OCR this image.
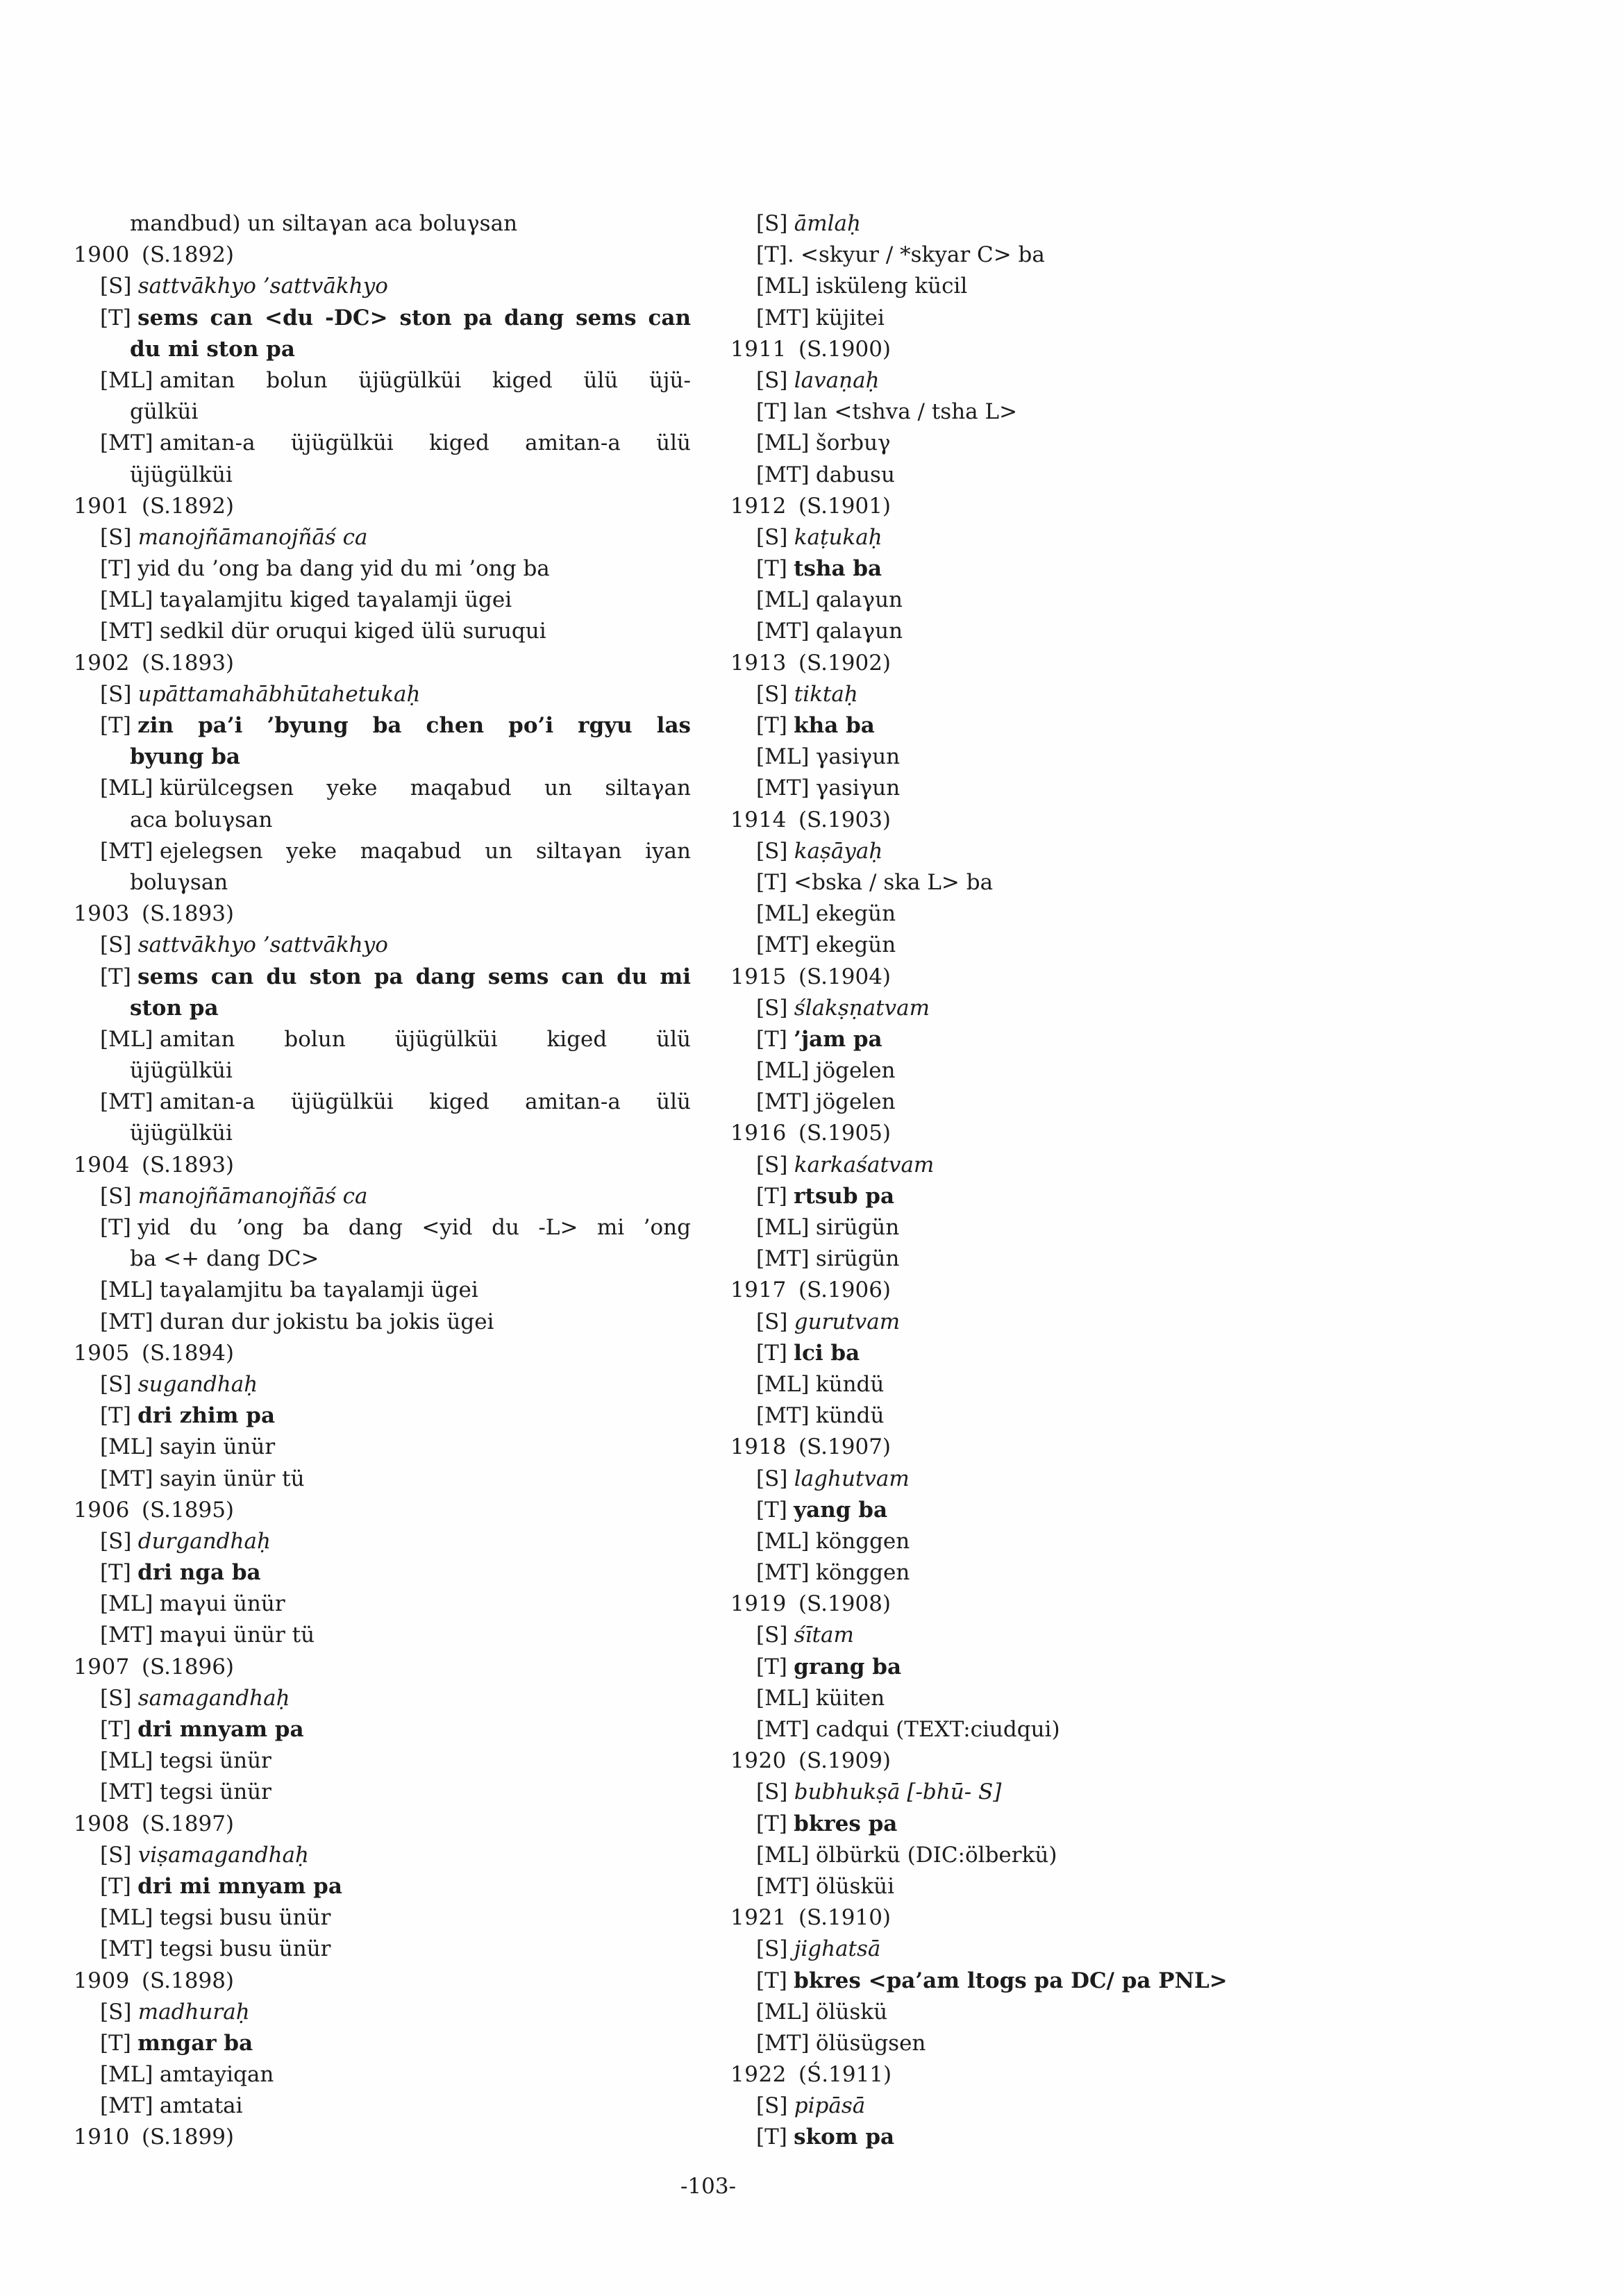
mandbud) un siltaγan aca boluγsan
1900 (S.1892)
[S] sattvākhyo ’sattvākhyo
[T] sems can <du -DC> ston pa dang sems can
du mi ston pa
[ML] amitan bolun üjügülküi kiged ülü üjü-
gülküi
[MT] amitan-a üjügülküi kiged amitan-a ülü
üjügülküi
1901 (S.1892)
[S] manojñāmanojñāś ca
[T] yid du ’ong ba dang yid du mi ’ong ba
[ML] taγalamjitu kiged taγalamji ügei
[MT] sedkil dür oruqui kiged ülü suruqui
1902 (S.1893)
[S] upāttamahābhūtahetukaḥ
[T] zin pa’i ’byung ba chen po’i rgyu las
byung ba
[ML] kürülcegsen yeke maqabud un siltaγan
aca boluγsan
[MT] ejelegsen yeke maqabud un siltaγan iyan
boluγsan
1903 (S.1893)
[S] sattvākhyo ’sattvākhyo
[T] sems can du ston pa dang sems can du mi
ston pa
[ML] amitan bolun üjügülküi kiged ülü
üjügülküi
[MT] amitan-a üjügülküi kiged amitan-a ülü
üjügülküi
1904 (S.1893)
[S] manojñāmanojñāś ca
[T] yid du ’ong ba dang <yid du -L> mi ’ong
ba <+ dang DC>
[ML] taγalamjitu ba taγalamji ügei
[MT] duran dur jokistu ba jokis ügei
1905 (S.1894)
[S] sugandhaḥ
[T] dri zhim pa
[ML] sayin ünür
[MT] sayin ünür tü
1906 (S.1895)
[S] durgandhaḥ
[T] dri nga ba
[ML] maγui ünür
[MT] maγui ünür tü
1907 (S.1896)
[S] samagandhaḥ
[T] dri mnyam pa
[ML] tegsi ünür
[MT] tegsi ünür
1908 (S.1897)
[S] viṣamagandhaḥ
[T] dri mi mnyam pa
[ML] tegsi busu ünür
[MT] tegsi busu ünür
1909 (S.1898)
[S] madhuraḥ
[T] mngar ba
[ML] amtayiqan
[MT] amtatai
1910 (S.1899)
[S] āmlaḥ
[T]. <skyur / *skyar C> ba
[ML] isküleng kücil
[MT] küjitei
1911 (S.1900)
[S] lavaṇaḥ
[T] lan <tshva / tsha L>
[ML] šorbuγ
[MT] dabusu
1912 (S.1901)
[S] kaṭukaḥ
[T] tsha ba
[ML] qalaγun
[MT] qalaγun
1913 (S.1902)
[S] tiktaḥ
[T] kha ba
[ML] γasiγun
[MT] γasiγun
1914 (S.1903)
[S] kaṣāyaḥ
[T] <bska / ska L> ba
[ML] ekegün
[MT] ekegün
1915 (S.1904)
[S] ślakṣṇatvam
[T] ’jam pa
[ML] jögelen
[MT] jögelen
1916 (S.1905)
[S] karkaśatvam
[T] rtsub pa
[ML] sirügün
[MT] sirügün
1917 (S.1906)
[S] gurutvam
[T] lci ba
[ML] kündü
[MT] kündü
1918 (S.1907)
[S] laghutvam
[T] yang ba
[ML] könggen
[MT] könggen
1919 (S.1908)
[S] śītam
[T] grang ba
[ML] küiten
[MT] cadqui (TEXT:ciudqui)
1920 (S.1909)
[S] bubhukṣā [-bhū- S]
[T] bkres pa
[ML] ölbürkü (DIC:ölberkü)
[MT] ölüsküi
1921 (S.1910)
[S] jighatsā
[T] bkres <pa’am ltogs pa DC/ pa PNL>
[ML] ölüskü
[MT] ölüsügsen
1922 (Ś.1911)
[S] pipāsā
[T] skom pa
-103-
